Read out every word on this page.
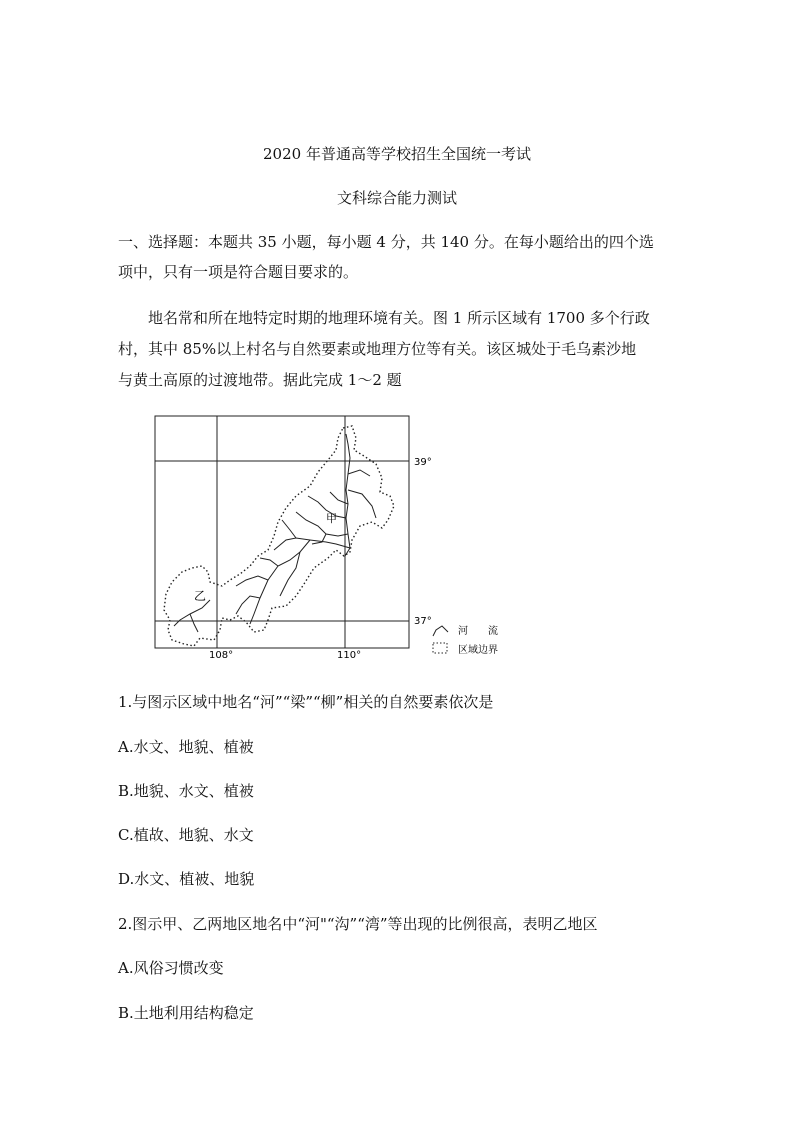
2020 年普通高等学校招生全国统一考试
文科综合能力测试
一、选择题：本题共 35 小题，每小题 4 分，共 140 分。在每小题给出的四个选
项中，只有一项是符合题目要求的。
地名常和所在地特定时期的地理环境有关。图 1 所示区域有 1700 多个行政
村，其中 85%以上村名与自然要素或地理方位等有关。该区城处于毛乌素沙地
与黄土高原的过渡地带。据此完成 1～2 题
甲
乙
39°
37°
108°	110°
河　　流
区域边界
1.与图示区域中地名“河”“梁”“柳”相关的自然要素依次是
A.水文、地貌、植被
B.地貌、水文、植被
C.植故、地貌、水文
D.水文、植被、地貌
2.图示甲、乙两地区地名中“河"“沟”“湾”等出现的比例很高，表明乙地区
A.风俗习惯改变
B.土地利用结构稳定
